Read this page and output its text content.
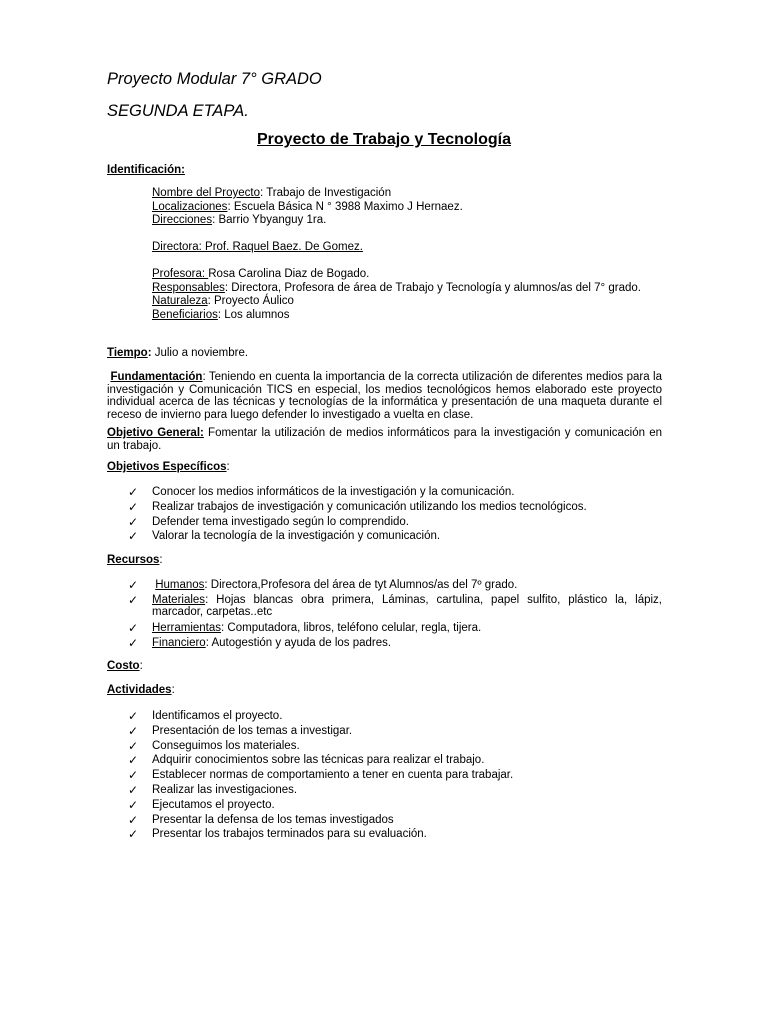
Proyecto Modular 7° GRADO
SEGUNDA ETAPA.
Proyecto de Trabajo y Tecnología
Identificación:

Nombre del Proyecto: Trabajo de Investigación

Localizaciones: Escuela Básica N ° 3988 Maximo J Hernaez.

Direcciones: Barrio Ybyanguy 1ra.

Directora: Prof. Raquel Baez. De Gomez.

Profesora: Rosa Carolina Diaz de Bogado.

Responsables: Directora, Profesora de área de Trabajo y Tecnología y alumnos/as del 7° grado.

Naturaleza: Proyecto Áulico

Beneficiarios: Los alumnos

Tiempo: Julio a noviembre.

Fundamentación: Teniendo en cuenta la importancia de la correcta utilización de diferentes medios para la investigación y Comunicación TICS en especial, los medios tecnológicos hemos elaborado este proyecto individual acerca de las técnicas y tecnologías de la informática y presentación de una maqueta durante el receso de invierno para luego defender lo investigado a vuelta en clase.

Objetivo General: Fomentar la utilización de medios informáticos para la investigación y comunicación en un trabajo.

Objetivos Específicos:
✓ Conocer los medios informáticos de la investigación y la comunicación.
✓ Realizar trabajos de investigación y comunicación utilizando los medios tecnológicos.
✓ Defender tema investigado según lo comprendido.
✓ Valorar la tecnología de la investigación y comunicación.
Recursos:
✓ Humanos: Directora,Profesora del área de tyt Alumnos/as del 7º grado.
✓ Materiales: Hojas blancas obra primera, Láminas, cartulina, papel sulfito, plástico la, lápiz, marcador, carpetas..etc
✓ Herramientas: Computadora, libros, teléfono celular, regla, tijera.
✓ Financiero: Autogestión y ayuda de los padres.
Costo:
Actividades:
✓ Identificamos el proyecto.
✓ Presentación de los temas a investigar.
✓ Conseguimos los materiales.
✓ Adquirir conocimientos sobre las técnicas para realizar el trabajo.
✓ Establecer normas de comportamiento a tener en cuenta para trabajar.
✓ Realizar las investigaciones.
✓ Ejecutamos el proyecto.
✓ Presentar la defensa de los temas investigados
✓ Presentar los trabajos terminados para su evaluación.
